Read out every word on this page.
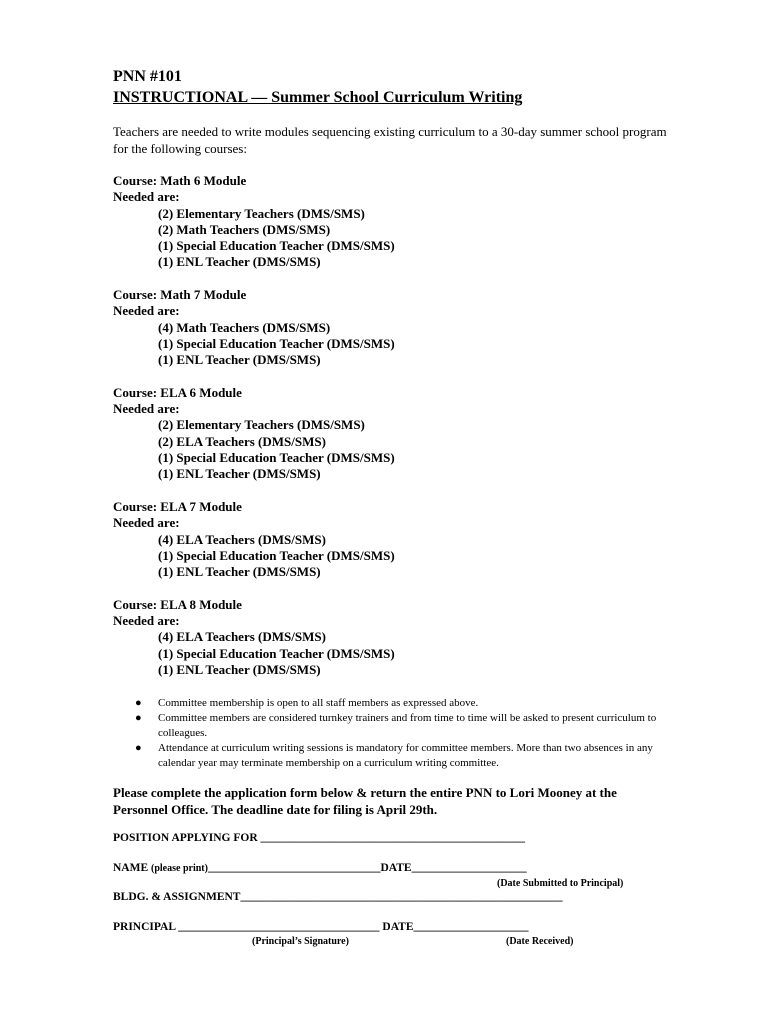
PNN #101
INSTRUCTIONAL — Summer School Curriculum Writing
Teachers are needed to write modules sequencing existing curriculum to a 30-day summer school program for the following courses:
Course: Math 6 Module
Needed are:
(2) Elementary Teachers (DMS/SMS)
(2) Math Teachers (DMS/SMS)
(1) Special Education Teacher (DMS/SMS)
(1) ENL Teacher (DMS/SMS)
Course: Math 7 Module
Needed are:
(4) Math Teachers (DMS/SMS)
(1) Special Education Teacher (DMS/SMS)
(1) ENL Teacher (DMS/SMS)
Course: ELA 6 Module
Needed are:
(2) Elementary Teachers (DMS/SMS)
(2) ELA Teachers (DMS/SMS)
(1) Special Education Teacher (DMS/SMS)
(1) ENL Teacher (DMS/SMS)
Course: ELA 7 Module
Needed are:
(4) ELA Teachers (DMS/SMS)
(1) Special Education Teacher (DMS/SMS)
(1) ENL Teacher (DMS/SMS)
Course: ELA 8 Module
Needed are:
(4) ELA Teachers (DMS/SMS)
(1) Special Education Teacher (DMS/SMS)
(1) ENL Teacher (DMS/SMS)
● Committee membership is open to all staff members as expressed above.
● Committee members are considered turnkey trainers and from time to time will be asked to present curriculum to colleagues.
● Attendance at curriculum writing sessions is mandatory for committee members. More than two absences in any calendar year may terminate membership on a curriculum writing committee.
Please complete the application form below & return the entire PNN to Lori Mooney at the Personnel Office. The deadline date for filing is April 29th.
POSITION APPLYING FOR ______________________________________________
NAME (please print)______________________________DATE____________________
(Date Submitted to Principal)
BLDG. & ASSIGNMENT________________________________________________________
PRINCIPAL ___________________________________ DATE____________________
(Principal’s Signature)	(Date Received)
